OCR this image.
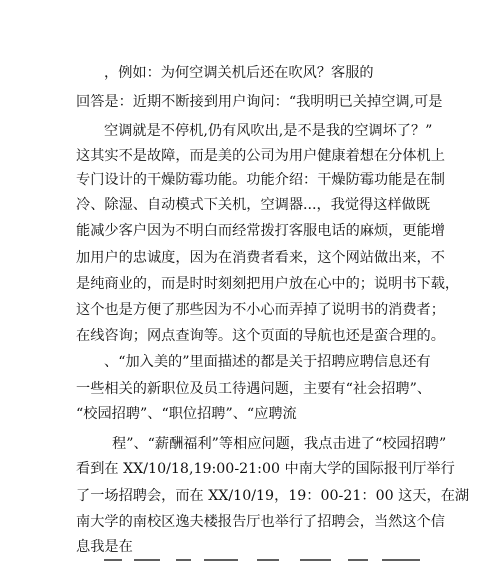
，例如：为何空调关机后还在吹风？客服的
回答是：近期不断接到用户询问：“我明明已关掉空调,可是
空调就是不停机,仍有风吹出,是不是我的空调坏了？”
这其实不是故障，而是美的公司为用户健康着想在分体机上
专门设计的干燥防霉功能。功能介绍：干燥防霉功能是在制
冷、除湿、自动模式下关机，空调器...，我觉得这样做既
能减少客户因为不明白而经常拨打客服电话的麻烦，更能增
加用户的忠诚度，因为在消费者看来，这个网站做出来，不
是纯商业的，而是时时刻刻把用户放在心中的；说明书下载，
这个也是方便了那些因为不小心而弄掉了说明书的消费者；
在线咨询；网点查询等。这个页面的导航也还是蛮合理的。
、“加入美的”里面描述的都是关于招聘应聘信息还有
一些相关的新职位及员工待遇问题，主要有“社会招聘”、
“校园招聘”、“职位招聘”、“应聘流
程”、“薪酬福利”等相应问题，我点击进了“校园招聘”
看到在 XX/10/18,19:00-21:00 中南大学的国际报刊厅举行
了一场招聘会，而在 XX/10/19，19：00-21：00 这天，在湖
南大学的南校区逸夫楼报告厅也举行了招聘会，当然这个信
息我是在
